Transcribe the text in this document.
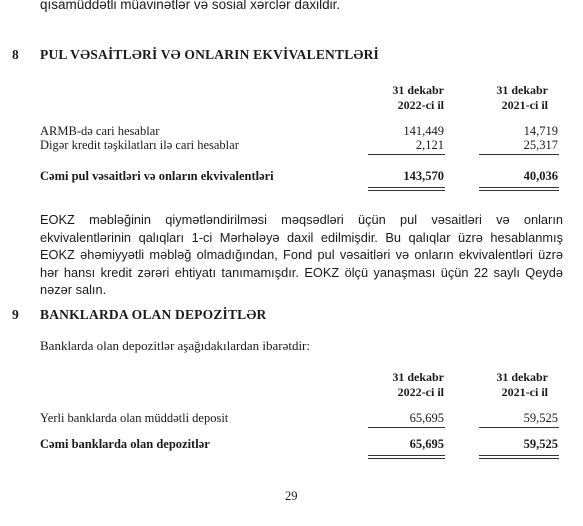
qısamüddətli müavinətlər və sosial xərclər daxildir.
8 PUL VƏSAİTLƏRİ VƏ ONLARIN EKVİVALENTLƏRİ
31 dekabr
2022-ci il
31 dekabr
2021-ci il
ARMB-də cari hesablar	141,449	14,719
Digər kredit təşkilatları ilə cari hesablar	2,121	25,317
Cəmi pul vəsaitləri və onların ekvivalentləri	143,570	40,036
EOKZ məbləğinin qiymətləndirilməsi məqsədləri üçün pul vəsaitləri və onların ekvivalentlərinin qalıqları 1-ci Mərhələyə daxil edilmişdir. Bu qalıqlar üzrə hesablanmış EOKZ əhəmiyyətli məbləğ olmadığından, Fond pul vəsaitləri və onların ekvivalentləri üzrə hər hansı kredit zərəri ehtiyatı tanımamışdır. EOKZ ölçü yanaşması üçün 22 saylı Qeydə nəzər salın.
9 BANKLARDA OLAN DEPOZİTLƏR
Banklarda olan depozitlər aşağıdakılardan ibarətdir:
31 dekabr
2022-ci il
31 dekabr
2021-ci il
Yerli banklarda olan müddətli deposit	65,695	59,525
Cəmi banklarda olan depozitlər	65,695	59,525
29
